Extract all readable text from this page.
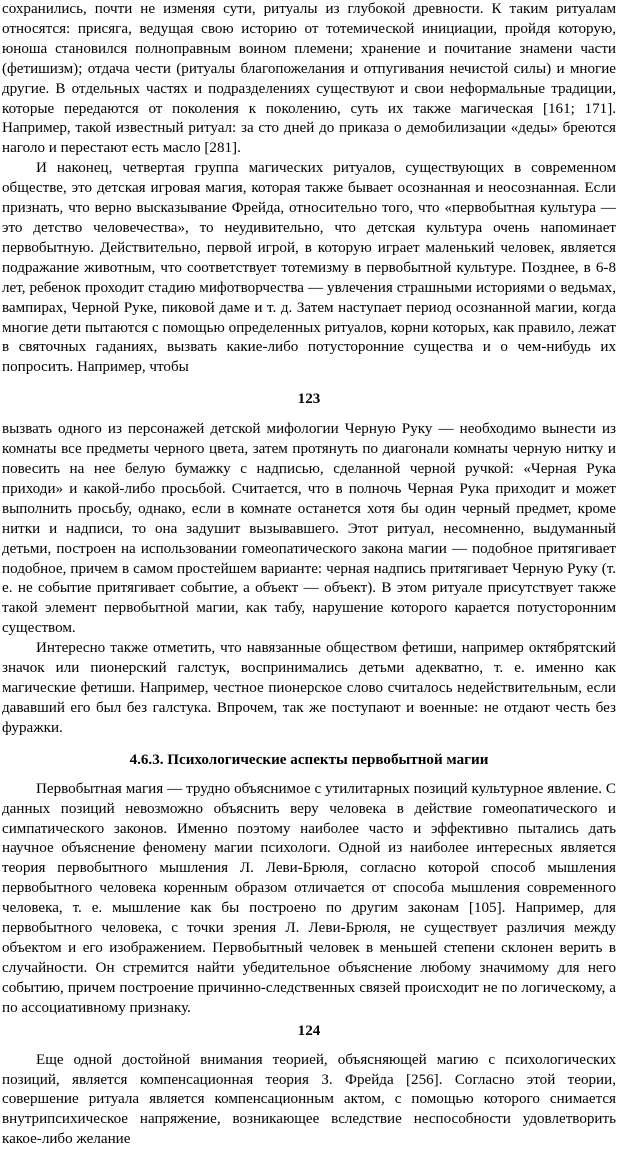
сохранились, почти не изменяя сути, ритуалы из глубокой древности. К таким ритуалам относятся: присяга, ведущая свою историю от тотемической инициации, пройдя которую, юноша становился полноправным воином племени; хранение и почитание знамени части (фетишизм); отдача чести (ритуалы благопожелания и отпугивания нечистой силы) и многие другие. В отдельных частях и подразделениях существуют и свои неформальные традиции, которые передаются от поколения к поколению, суть их также магическая [161; 171]. Например, такой известный ритуал: за сто дней до приказа о демобилизации «деды» бреются наголо и перестают есть масло [281].

И наконец, четвертая группа магических ритуалов, существующих в современном обществе, это детская игровая магия, которая также бывает осознанная и неосознанная. Если признать, что верно высказывание Фрейда, относительно того, что «первобытная культура — это детство человечества», то неудивительно, что детская культура очень напоминает первобытную. Действительно, первой игрой, в которую играет маленький человек, является подражание животным, что соответствует тотемизму в первобытной культуре. Позднее, в 6-8 лет, ребенок проходит стадию мифотворчества — увлечения страшными историями о ведьмах, вампирах, Черной Руке, пиковой даме и т. д. Затем наступает период осознанной магии, когда многие дети пытаются с помощью определенных ритуалов, корни которых, как правило, лежат в святочных гаданиях, вызвать какие-либо потусторонние существа и о чем-нибудь их попросить. Например, чтобы

123

вызвать одного из персонажей детской мифологии Черную Руку — необходимо вынести из комнаты все предметы черного цвета, затем протянуть по диагонали комнаты черную нитку и повесить на нее белую бумажку с надписью, сделанной черной ручкой: «Черная Рука приходи» и какой-либо просьбой. Считается, что в полночь Черная Рука приходит и может выполнить просьбу, однако, если в комнате останется хотя бы один черный предмет, кроме нитки и надписи, то она задушит вызывавшего. Этот ритуал, несомненно, выдуманный детьми, построен на использовании гомеопатического закона магии — подобное притягивает подобное, причем в самом простейшем варианте: черная надпись притягивает Черную Руку (т. е. не событие притягивает событие, а объект — объект). В этом ритуале присутствует также такой элемент первобытной магии, как табу, нарушение которого карается потусторонним существом.

Интересно также отметить, что навязанные обществом фетиши, например октябрятский значок или пионерский галстук, воспринимались детьми адекватно, т. е. именно как магические фетиши. Например, честное пионерское слово считалось недействительным, если дававший его был без галстука. Впрочем, так же поступают и военные: не отдают честь без фуражки.

4.6.3. Психологические аспекты первобытной магии

Первобытная магия — трудно объяснимое с утилитарных позиций культурное явление. С данных позиций невозможно объяснить веру человека в действие гомеопатического и симпатического законов. Именно поэтому наиболее часто и эффективно пытались дать научное объяснение феномену магии психологи. Одной из наиболее интересных является теория первобытного мышления Л. Леви-Брюля, согласно которой способ мышления первобытного человека коренным образом отличается от способа мышления современного человека, т. е. мышление как бы построено по другим законам [105]. Например, для первобытного человека, с точки зрения Л. Леви-Брюля, не существует различия между объектом и его изображением. Первобытный человек в меньшей степени склонен верить в случайности. Он стремится найти убедительное объяснение любому значимому для него событию, причем построение причинно-следственных связей происходит не по логическому, а по ассоциативному признаку.

124

Еще одной достойной внимания теорией, объясняющей магию с психологических позиций, является компенсационная теория З. Фрейда [256]. Согласно этой теории, совершение ритуала является компенсационным актом, с помощью которого снимается внутрипсихическое напряжение, возникающее вследствие неспособности удовлетворить какое-либо желание
